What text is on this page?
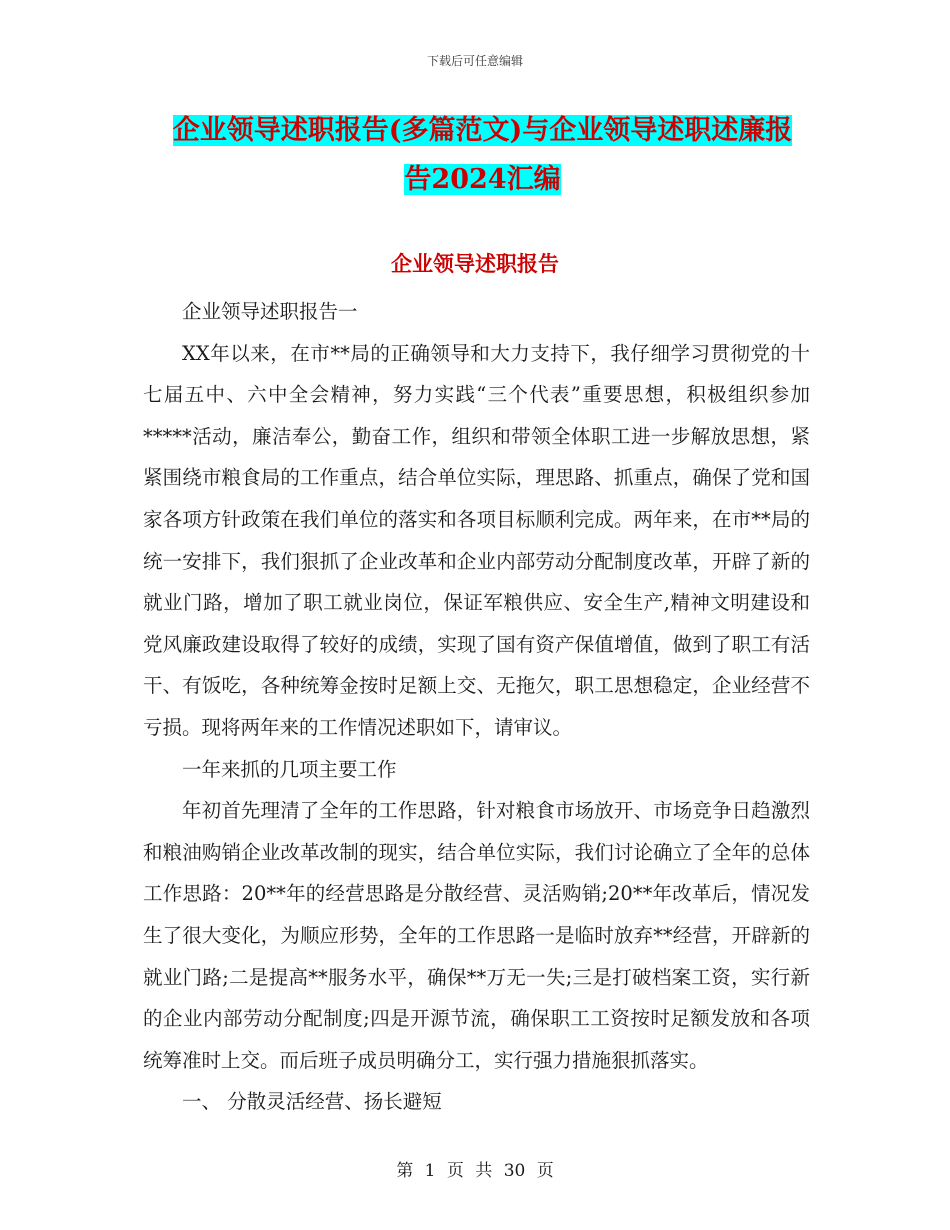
下载后可任意编辑
企业领导述职报告(多篇范文)与企业领导述职述廉报
告2024汇编
企业领导述职报告

企业领导述职报告一

XX年以来，在市**局的正确领导和大力支持下，我仔细学习贯彻党的十七届五中、六中全会精神，努力实践“三个代表”重要思想，积极组织参加*****活动，廉洁奉公，勤奋工作，组织和带领全体职工进一步解放思想，紧紧围绕市粮食局的工作重点，结合单位实际，理思路、抓重点，确保了党和国家各项方针政策在我们单位的落实和各项目标顺利完成。两年来，在市**局的统一安排下，我们狠抓了企业改革和企业内部劳动分配制度改革，开辟了新的就业门路，增加了职工就业岗位，保证军粮供应、安全生产,精神文明建设和党风廉政建设取得了较好的成绩，实现了国有资产保值增值，做到了职工有活干、有饭吃，各种统筹金按时足额上交、无拖欠，职工思想稳定，企业经营不亏损。现将两年来的工作情况述职如下，请审议。

一年来抓的几项主要工作

年初首先理清了全年的工作思路，针对粮食市场放开、市场竞争日趋激烈和粮油购销企业改革改制的现实，结合单位实际，我们讨论确立了全年的总体工作思路：20**年的经营思路是分散经营、灵活购销;20**年改革后，情况发生了很大变化，为顺应形势，全年的工作思路一是临时放弃**经营，开辟新的就业门路;二是提高**服务水平，确保**万无一失;三是打破档案工资，实行新的企业内部劳动分配制度;四是开源节流，确保职工工资按时足额发放和各项统筹准时上交。而后班子成员明确分工，实行强力措施狠抓落实。

一、 分散灵活经营、扬长避短

第 1 页 共 30 页
